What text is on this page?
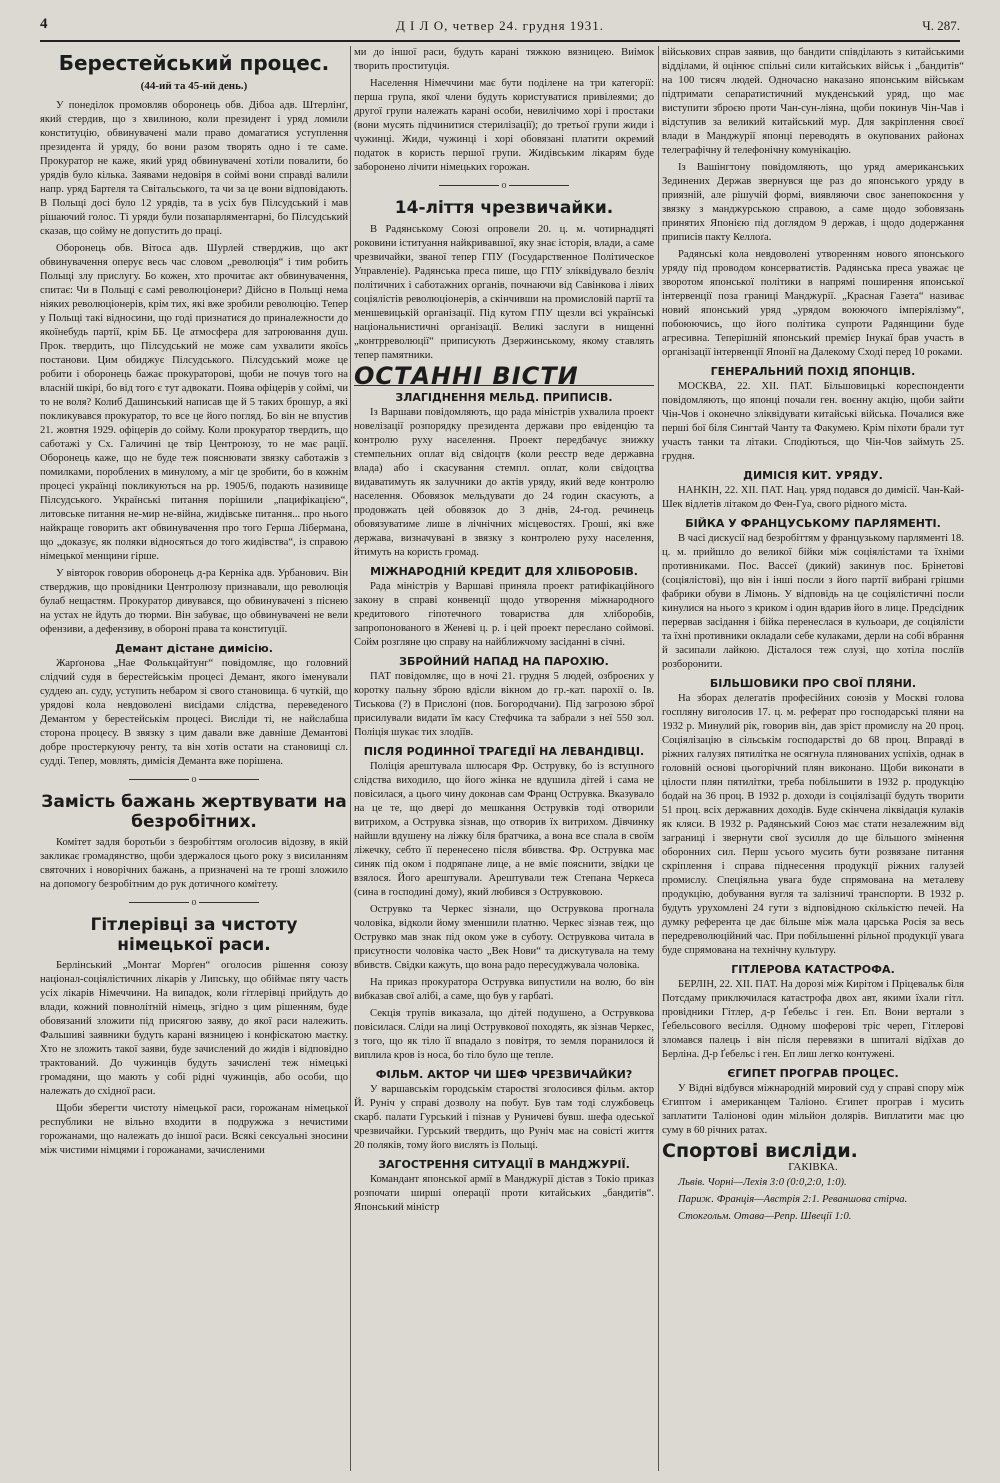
4	Д І Л О, четвер 24. грудня 1931.	Ч. 287.
Берестейський процес.
(44-ий та 45-ий день.)

У понеділок промовляв оборонець обв. Дібоа адв. Штерлінґ, який стердив, що з хвилиною, коли президент і уряд ломили конституцію, обвинувачені мали право домагатися уступлення президента й уряду, бо вони разом творять одно і те саме. Прокуратор не каже, який уряд обвинувачені хотіли повалити, бо урядів було кілька. Заявами недовіря в соймі вони справді валили напр. уряд Бартеля та Світальського, та чи за це вони відповідають. В Польщі досі було 12 урядів, та в усіх був Пілсудський і мав рішаючий голос. Ті уряди були позапарляментарні, бо Пілсудський сказав, що сойму не допустить до праці.

Оборонець обв. Вітоса адв. Шурлей стверджив, що акт обвинувачення оперує весь час словом „революція“ і тим робить Польщі злу прислугу. Бо кожен, хто прочитає акт обвинувачення, спитає: Чи в Польщі є самі революціонери? Дійсно в Польщі нема ніяких революціонерів, крім тих, які вже зробили революцію. Тепер у Польщі такі відносини, що годі признатися до приналежности до якоїнебудь партії, крім ББ. Це атмосфера для затроювання душ. Прок. твердить, що Пілсудський не може сам ухвалити якоїсь постанови. Цим обиджує Пілсудського. Пілсудський може це робити і оборонець бажає прокураторові, щоби не почув того на власній шкірі, бо від того є тут адвокати. Поява офіцерів у соймі, чи то не воля? Колиб Дашинський написав ще й 5 таких брошур, а які покликувався прокуратор, то все це його погляд. Бо він не впустив 21. жовтня 1929. офіцерів до сойму. Коли прокуратор твердить, що саботажі у Сх. Галичині це твір Центроюзу, то не має рації. Оборонець каже, що не буде теж пояснювати звязку саботажів з помилками, пороблених в минулому, а міг це зробити, бо в кожнім процесі українці покликуються на рр. 1905/6, подають називище Пілсудського. Українські питання порішили „пацифікацією“, литовське питання не-мир не-війна, жидівське питання... про нього найкраще говорить акт обвинувачення про того Герша Ліберманa, що „доказує, як поляки відносяться до того жидівства“, із справою німецької менщини гірше.

У вівторок говорив оборонець д-ра Керніка адв. Урбанович. Він стверджив, що провідники Центролюзу признавали, що революція булаб нещастям. Прокуратор дивувався, що обвинувачені з піснею на устах не йдуть до тюрми. Він забуває, що обвинувачені не вели офензиви, а дефензиву, в обороні права та конституції.

Демант дістане димісію.

Жарґонова „Нае Фолькцайтунг“ повідомляє, що головний слідчий судя в берестейськім процесі Демант, якого іменували суддею ап. суду, уступить небаром зі свого становища. 6 чуткій, що урядові кола невдоволені висідами слідства, переведеного Демантом у берестейськім процесі. Висліди ті, не найслабша сторона процесу. В звязку з цим давали вже давніше Демантові добре простеркуючу ренту, та він хотів остати на становищі сл. судді. Тепер, мовлять, димісія Деманта вже порішена.

o
Замість бажань жертвувати на безробітних.

Комітет задля боротьби з безробіттям оголосив відозву, в якій закликає громадянство, щоби здержалося цього року з висиланням святочних і новорічних бажань, а призначені на те гроші зложило на допомогу безробітним до рук дотичного комітету.

o
Гітлерівці за чистоту німецької раси.

Берлінський „Монтаґ Морґен“ оголосив рішення союзу націонал-соціялістичних лікарів у Липську, що обіймає пяту часть усіх лікарів Німеччини. На випадок, коли гітлерівці прийдуть до влади, кожний повнолітній німець, згідно з цим рішенням, буде обовязаний зложити під присягою заяву, до якої раси належить. Фальшиві заявники будуть карані вязницею і конфіскатою маєтку. Хто не зложить такої заяви, буде зачислений до жидів і відповідно трактований. До чужинців будуть зачислені теж німецькі громадяни, що мають у собі рідні чужинців, або особи, що належать до східної раси.

Щоби зберегти чистоту німецької раси, горожанам німецької республики не вільно входити в подружжа з нечистими горожанами, що належать до іншої раси. Всякі сексуальні зносини між чистими німцями і горожанами, зачисленими

ми до іншої раси, будуть карані тяжкою вязницею. Виімок творить проституція.

Населення Німеччини має бути поділене на три категорії: перша група, якої члени будуть користуватися привілеями; до другої групи належать карані особи, невилічимо хорі і простаки (вони мусять підчинитися стерилізації); до третьої групи жиди і чужинці. Жиди, чужинці і хорі обовязані платити окремий податок в користь першої групи. Жидівським лікарям буде заборонено лічити німецьких горожан.

o
14-ліття чрезвичайки.

В Радянському Союзі опровели 20. ц. м. чотирнадцяті роковини іституання найкривавшої, яку знає історія, влади, а саме чрезвичайки, званої тепер ГПУ (Государственное Політическое Управленіе). Радянська преса пише, що ГПУ зліквідувало безліч політичних і саботажних органів, почнаючи від Савінкова і лівих соціялістів революціонерів, а скінчивши на промисловій партії та меншевицькій організації. Під кутом ГПУ щезли всі українські національнистичні організації. Великі заслуги в нищенні „контрреволюції“ приписують Дзержинському, якому ставлять тепер памятники.

ОСТАННІ ВІСТИ
ЗЛАГІДНЕННЯ МЕЛЬД. ПРИПИСІВ.

Із Варшави повідомляють, що рада міністрів ухвалила проект новелізації розпорядку президента держави про евіденцію та контролю руху населення. Проект передбачує знижку стемпельних оплат від свідоцтв (коли реєстр веде державна влада) або і скасування стемпл. оплат, коли свідоцтва видаватимуть як залучники до актів уряду, який веде контролю населення. Обовязок мельдувати до 24 годин скасують, а продовжать цей обовязок до 3 днів, 24-год. речинець обовязуватиме лише в лічнічних місцевостях. Гроші, які вже держава, визначувані в звязку з контролею руху населення, йтимуть на користь громад.

МІЖНАРОДНІЙ КРЕДИТ ДЛЯ ХЛІБОРОБІВ.

Рада міністрів у Варшаві приняла проект ратифікаційного закону в справі конвенції щодо утворення міжнародного кредитового гіпотечного товариства для хліборобів, запропонованого в Женеві ц. р. і цей проект переслано соймові. Сойм розгляне цю справу на найближчому засіданні в січні.

ЗБРОЙНИЙ НАПАД НА ПАРОХІЮ.

ПАТ повідомляє, що в ночі 21. грудня 5 людей, озброєних у короткy пальну зброю вдісли вікном до гр.-кат. парохії о. Ів. Тиськова (?) в Прислоні (пов. Богородчани). Під загрозою зброї присилували видати їм касу Стефчика та забрали з неї 550 зол. Поліція шукає тих злодіїв.

ПІСЛЯ РОДИННОЇ ТРАГЕДІЇ НА ЛЕВАНДІВЦІ.

Поліція арештувала шлюсаря Фр. Острувку, бо із вступного слідства виходило, що його жінка не вдушила дітей і сама не повісилася, а цього чину доконав сам Франц Острувка. Вказувало на це те, що двері до мешкання Острувків тоді отворили витрихом, а Острувка зізнав, що отворив їх витрихом. Дівчинку найшли вдушену на ліжку біля братчика, а вона все спала в своїм ліжечку, себто її перенесено після вбивства. Фр. Острувка має синяк під оком і подряпане лице, а не вміє пояснити, звідки це взялося. Його арештували. Арештували теж Степана Черкеса (сина в господині дому), який любився з Острувковою.

Острувко та Черкес зізнали, що Острувкова прогнала чоловіка, відколи йому зменшили платню. Черкес зізнав теж, що Острувко мав знак під оком уже в суботу. Острувкова читала в присутности чоловіка часто „Век Нови“ та дискутувала на тему вбивств. Свідки кажуть, що вона радо пересуджувала чоловіка.

На приказ прокуратора Острувка випустили на волю, бо він вибказав свої алібі, а саме, що був у гарбаті.

Секція трупів виказала, що дітей подушено, а Острувкова повісилася. Сліди на лиці Острувкової походять, як зізнав Черкес, з того, що як тіло її впадало з повітря, то земля поранилося й виплила кров із носа, бо тіло було ще тепле.

ФІЛЬМ. АКТОР ЧИ ШЕФ ЧРЕЗВИЧАЙКИ?

У варшавськім городськім старостві зголосився фільм. актор Й. Руніч у справі дозволу на побут. Був там тоді службовець скарб. палати Гурський і пізнав у Руничеві бувш. шефа одеської чрезвичайки. Гурський твердить, що Руніч має на совісті життя 20 поляків, тому його вислять із Польщі.

ЗАГОСТРЕННЯ СИТУАЦІЇ В МАНДЖУРІЇ.

Командант японської армії в Манджурії дістав з Токіо приказ розпочати ширші операції проти китайських „бандитів“. Японський міністр

військових справ заявив, що бандити співділають з китайськими відділами, й оцінює спільні сили китайських військ і „бандитів“ на 100 тисяч людей. Одночасно наказано японським військам підтримати сепаратистичний мукденський уряд, що має виступити зброєю проти Чан-сун-ліяна, щоби покинув Чін-Чав і відступив за великий китайський мур. Для закріплення своєї влади в Манджурії японці переводять в окупованих районах телеграфічну й телефонічну комунікацію.

Із Вашінгтону повідомляють, що уряд американських Зединених Держав звернувся ще раз до японського уряду в приязній, але рішучій формі, виявляючи своє занепокоєння у звязку з манджурською справою, а саме щодо зобовязань принятих Японією під доглядом 9 держав, і щодо додержання приписів пакту Келлоґа.

Радянські кола невдоволені утворенням нового японського уряду під проводом консервaтистів. Радянська преса уважає це зворотом японської політики в напрямі поширення японської інтервенції поза границі Манджурії. „Красная Газета“ називає новий японський уряд „урядом воюючого імперіялізму“, побоюючись, що його політика супроти Радянщини буде агресивна. Теперішній японський премієр Інукаї брав участь в організації інтервенції Японії на Далекому Сході перед 10 роками.

ГЕНЕРАЛЬНИЙ ПОХІД ЯПОНЦІВ.

МОСКВА, 22. XII. ПАТ. Більшовицькі кореспонденти повідомляють, що японці почали ген. воєнну акцію, щоби зайти Чін-Чов і оконечно зліквідувати китайські війська. Почалися вже перші бої біля Сингтай Чанту та Факумею. Крім піхоти брали тут участь танки та літаки. Сподіються, що Чін-Чов займуть 25. грудня.

ДИМІСІЯ КИТ. УРЯДУ.

НАНКІН, 22. XII. ПАТ. Нац. уряд подався до димісії. Чан-Кай-Шек відлетів літаком до Фен-Гуа, свого рідного міста.

БІЙКА У ФРАНЦУСЬКОМУ ПАРЛЯМЕНТІ.

В часі дискусії над безробіттям у французькому парляменті 18. ц. м. прийшло до великої бійки між соціялістами та їхніми противниками. Пос. Вассеї (дикий) закинув пос. Брінетові (соціялістові), що він і інші посли з його партії вибрані грішми фабрики обуви в Лімонь. У відповідь на це соціялістичні посли кинулися на нього з криком і один вдарив його в лице. Предсідник перервав засідання і бійка перенеслася в кульоари, де соціялісти та їхні противники окладали себе кулаками, дерли на собі вбрання й засипали лайкою. Дісталося теж слузі, що хотіла посліїв розборонити.

БІЛЬШОВИКИ ПРО СВОЇ ПЛЯНИ.

На зборах делегатів професійних союзів у Москві голова госпляну виголосив 17. ц. м. реферат про господарські пляни на 1932 р. Минулий рік, говорив він, дав зріст промислу на 20 проц. Соціялізацію в сільськім господарстві до 68 проц. Вправді в ріжних галузях пятилітка не осягнула плянованих успіхів, однак в головній основі цьогорічний плян виконано. Щоби виконати в цілости плян пятилітки, треба побільшити в 1932 р. продукцію бодай на 36 проц. В 1932 р. доходи із соціялізації будуть творити 51 проц. всіх державних доходів. Буде скінчена ліквідація кулаків як кляси. В 1932 р. Радянський Союз має стати незалежним від заграниці і звернути свої зусилля до ще більшого змінення оборонних сил. Перш усього мусить бути розвязане питання скріплення і справа піднесення продукції ріжних галузей промислу. Спеціяльна увага буде спрямована на металеву продукцію, добування вугля та залізничі транспорти. В 1932 р. будуть урухомлені 24 гути з відповідною скількістю печей. На думку референта це дає більше між мала царська Росія за весь передреволюційний час. При побільшенні рільної продукції увага буде спрямована на технічну культуру.

ГІТЛЕРОВА КАТАСТРОФА.

БЕРЛІН, 22. XII. ПАТ. На дорозі між Кирітом і Пріцевальк біля Потсдаму приключилася катастрофа двох авт, якими їхали гітл. провідники Гітлер, д-р Ґебельс і ген. Еп. Вони вертали з Ґебельсового весілля. Одному шоферові тріс череп, Гітлерові зломався палець і він після перевязки в шпиталі відїхав до Берліна. Д-р Ґебельс і ген. Еп лиш легко контужені.

ЄГИПЕТ ПРОГРАВ ПРОЦЕС.

У Відні відбувся міжнародній мировий суд у справі спору між Єгиптом і американцем Таліоно. Єгипет програв і мусить заплатити Таліонові один мільйон долярів. Виплатити має цю суму в 60 річних ратах.

Спортові висліди.
ГАКІВКА.

Львів. Чорні—Лехія 3:0 (0:0,2:0, 1:0).

Париж. Франція—Австрія 2:1. Реваншова стірча.

Стокгольм. Отава—Репр. Швеції 1:0.
